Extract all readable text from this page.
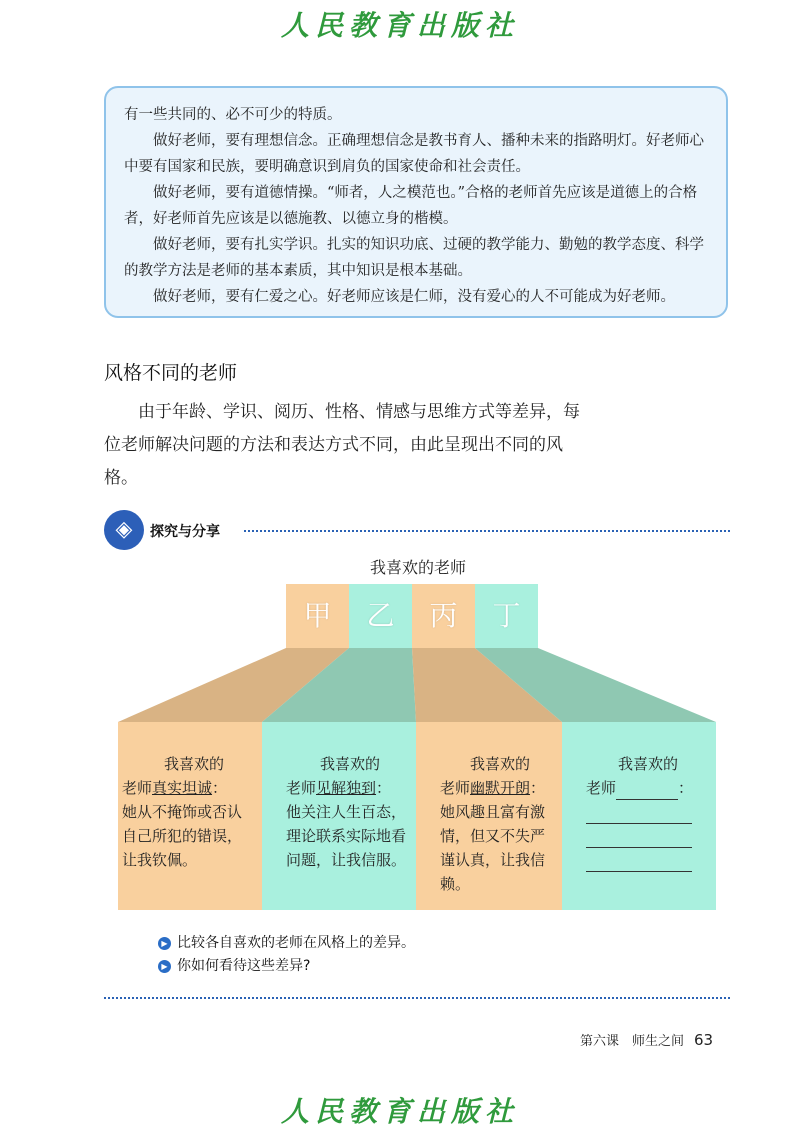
人民教育出版社

有一些共同的、必不可少的特质。

做好老师，要有理想信念。正确理想信念是教书育人、播种未来的指路明灯。好老师心中要有国家和民族，要明确意识到肩负的国家使命和社会责任。

做好老师，要有道德情操。“师者，人之模范也。”合格的老师首先应该是道德上的合格者，好老师首先应该是以德施教、以德立身的楷模。

做好老师，要有扎实学识。扎实的知识功底、过硬的教学能力、勤勉的教学态度、科学的教学方法是老师的基本素质，其中知识是根本基础。

做好老师，要有仁爱之心。好老师应该是仁师，没有爱心的人不可能成为好老师。

风格不同的老师
由于年龄、学识、阅历、性格、情感与思维方式等差异，每位老师解决问题的方法和表达方式不同，由此呈现出不同的风格。
◈	探究与分享
我喜欢的老师
甲	乙	丙	丁

我喜欢的

老师真实坦诚：

她从不掩饰或否认自己所犯的错误，让我钦佩。

我喜欢的

老师见解独到：

他关注人生百态，理论联系实际地看问题，让我信服。

我喜欢的

老师幽默开朗：

她风趣且富有激情，但又不失严谨认真，让我信赖。

我喜欢的

老师	：

▶ 比较各自喜欢的老师在风格上的差异。
▶ 你如何看待这些差异?
第六课　师生之间 63
人民教育出版社
